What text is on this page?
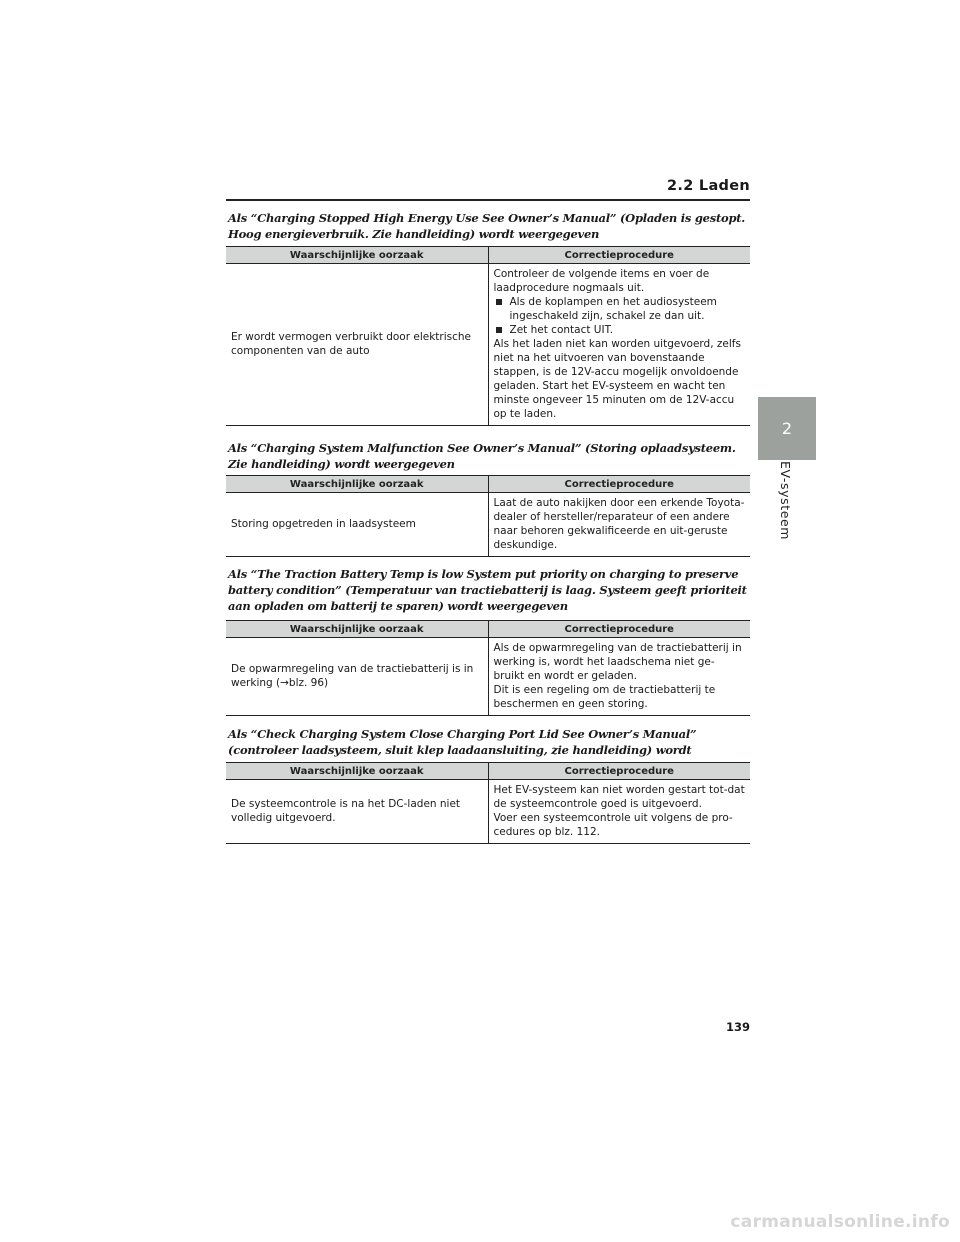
2.2 Laden
2
EV-systeem
Als “Charging Stopped High Energy Use See Owner’s Manual” (Opladen is gestopt. Hoog energieverbruik. Zie handleiding) wordt weergegeven
Waarschijnlijke oorzaak	Correctieprocedure
Er wordt vermogen verbruikt door elektrische componenten van de auto	Controleer de volgende items en voer de laadprocedure nogmaals uit.

Als de koplampen en het audiosysteem ingeschakeld zijn, schakel ze dan uit.

Zet het contact UIT.

Als het laden niet kan worden uitgevoerd, zelfs niet na het uitvoeren van bovenstaande stappen, is de 12V-accu mogelijk onvoldoende geladen. Start het EV-systeem en wacht ten minste ongeveer 15 minuten om de 12V-accu op te laden.

Als “Charging System Malfunction See Owner’s Manual” (Storing oplaadsysteem. Zie handleiding) wordt weergegeven
Waarschijnlijke oorzaak	Correctieprocedure
Storing opgetreden in laadsysteem	Laat de auto nakijken door een erkende Toyota-dealer of hersteller/reparateur of een andere naar behoren gekwalificeerde en uit-geruste deskundige.
Als “The Traction Battery Temp is low System put priority on charging to preserve battery condition” (Temperatuur van tractiebatterij is laag. Systeem geeft prioriteit aan opladen om batterij te sparen) wordt weergegeven
Waarschijnlijke oorzaak	Correctieprocedure
De opwarmregeling van de tractiebatterij is in werking (→blz. 96)	Als de opwarmregeling van de tractiebatterij in werking is, wordt het laadschema niet ge-bruikt en wordt er geladen.

Dit is een regeling om de tractiebatterij te beschermen en geen storing.

Als “Check Charging System Close Charging Port Lid See Owner’s Manual” (controleer laadsysteem, sluit klep laadaansluiting, zie handleiding) wordt
Waarschijnlijke oorzaak	Correctieprocedure
De systeemcontrole is na het DC-laden niet volledig uitgevoerd.	Het EV-systeem kan niet worden gestart tot-dat de systeemcontrole goed is uitgevoerd.

Voer een systeemcontrole uit volgens de pro-cedures op blz. 112.

139
carmanualsonline.info
